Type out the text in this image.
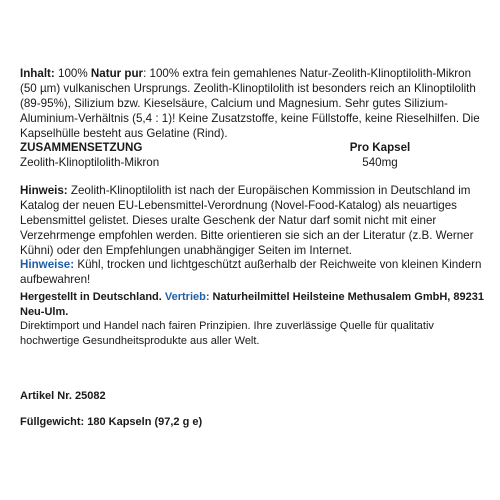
Inhalt: 100% Natur pur: 100% extra fein gemahlenes Natur-Zeolith-Klinoptilolith-Mikron (50 µm) vulkanischen Ursprungs. Zeolith-Klinoptilolith ist besonders reich an Klinoptilolith (89-95%), Silizium bzw. Kieselsäure, Calcium und Magnesium. Sehr gutes Silizium-Aluminium-Verhältnis (5,4 : 1)! Keine Zusatzstoffe, keine Füllstoffe, keine Rieselhilfen. Die Kapselhülle besteht aus Gelatine (Rind).
ZUSAMMENSETZUNG	Pro Kapsel
Zeolith-Klinoptilolith-Mikron	540mg
Hinweis: Zeolith-Klinoptilolith ist nach der Europäischen Kommission in Deutschland im Katalog der neuen EU-Lebensmittel-Verordnung (Novel-Food-Katalog) als neuartiges Lebensmittel gelistet. Dieses uralte Geschenk der Natur darf somit nicht mit einer Verzehrmenge empfohlen werden. Bitte orientieren sie sich an der Literatur (z.B. Werner Kühni) oder den Empfehlungen unabhängiger Seiten im Internet.
Hinweise: Kühl, trocken und lichtgeschützt außerhalb der Reichweite von kleinen Kindern aufbewahren!
Hergestellt in Deutschland. Vertrieb: Naturheilmittel Heilsteine Methusalem GmbH, 89231 Neu-Ulm.
Direktimport und Handel nach fairen Prinzipien. Ihre zuverlässige Quelle für qualitativ hochwertige Gesundheitsprodukte aus aller Welt.
Artikel Nr. 25082
Füllgewicht: 180 Kapseln (97,2 g e)
